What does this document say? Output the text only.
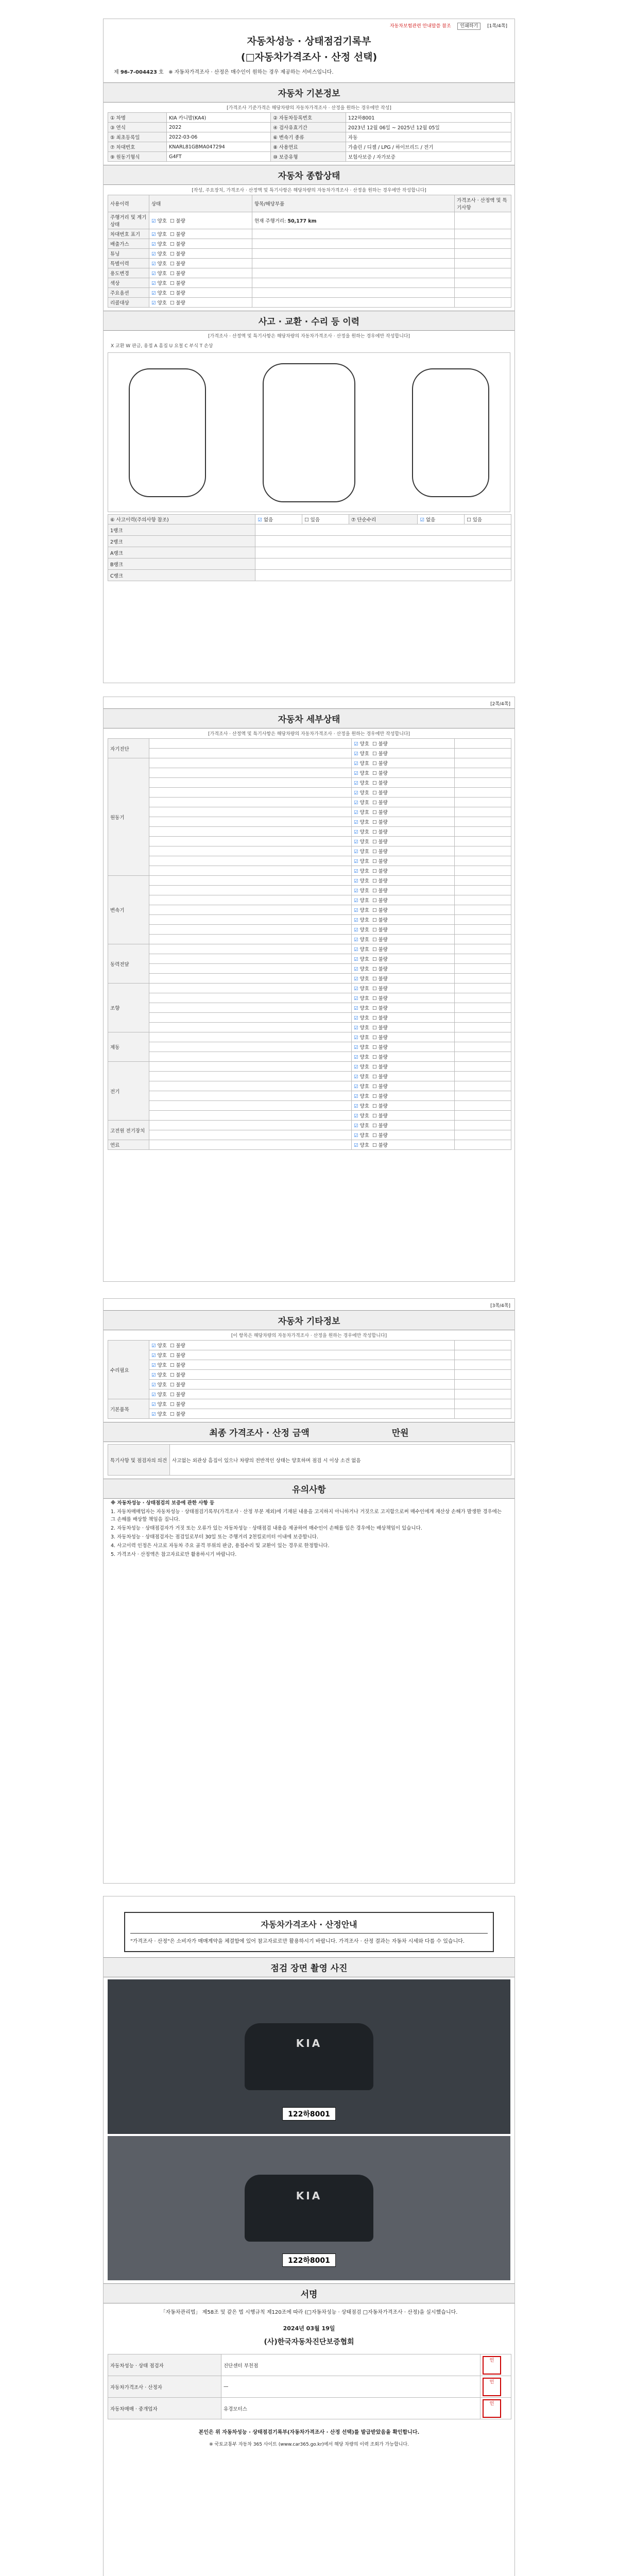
자동차보험관련 안내말씀 참조 인쇄하기 [1쪽/4쪽]
자동차성능 · 상태점검기록부
(□자동차가격조사 · 산정 선택)
제 96-7-004423 호 ※ 자동차가격조사 · 산정은 매수인이 원하는 경우 제공하는 서비스입니다.
자동차 기본정보
[가격조사 기준가격은 해당차량의 자동차가격조사 · 산정을 원하는 경우에만 작성]
① 차명	KIA 카니발(KA4)	② 자동차등록번호	122하8001
③ 연식	2022	④ 검사유효기간	2023년 12월 06일 ~ 2025년 12월 05일
⑤ 최초등록일	2022-03-06	⑥ 변속기 종류	자동
⑦ 차대번호	KNARL81GBMA047294	⑧ 사용연료	가솔린 / 디젤 / LPG / 하이브리드 / 전기
⑨ 원동기형식	G4FT	⑩ 보증유형	보험사보증 / 자가보증
자동차 종합상태
[작성, 주요장치, 가격조사 · 산정액 및 특기사항은 해당차량의 자동차가격조사 · 산정을 원하는 경우에만 작성합니다]
사용이력	상태	항목/해당부품	가격조사 · 산정액 및 특기사항
주행거리 및 계기상태	☑ 양호 ☐ 불량	현재 주행거리: 50,177 km	
차대번호 표기	☑ 양호 ☐ 불량		
배출가스	☑ 양호 ☐ 불량		
튜닝	☑ 양호 ☐ 불량		
특별이력	☑ 양호 ☐ 불량		
용도변경	☑ 양호 ☐ 불량		
색상	☑ 양호 ☐ 불량		
주요옵션	☑ 양호 ☐ 불량		
리콜대상	☑ 양호 ☐ 불량		
사고 · 교환 · 수리 등 이력
[가격조사 · 산정액 및 특기사항은 해당차량의 자동차가격조사 · 산정을 원하는 경우에만 작성합니다]
X 교환 W 판금, 용접 A 흠집 U 요철 C 부식 T 손상
⑥ 사고이력(주의사항 참조)	☑ 없음	☐ 있음	⑦ 단순수리	☑ 없음	☐ 있음
1랭크					
2랭크					
A랭크					
B랭크					
C랭크					
[2쪽/4쪽]
자동차 세부상태
[가격조사 · 산정액 및 특기사항은 해당차량의 자동차가격조사 · 산정을 원하는 경우에만 작성합니다]
자기진단		☑ 양호 ☐ 불량	
		☑ 양호 ☐ 불량	
원동기		☑ 양호 ☐ 불량	
		☑ 양호 ☐ 불량	
		☑ 양호 ☐ 불량	
		☑ 양호 ☐ 불량	
		☑ 양호 ☐ 불량	
		☑ 양호 ☐ 불량	
		☑ 양호 ☐ 불량	
		☑ 양호 ☐ 불량	
		☑ 양호 ☐ 불량	
		☑ 양호 ☐ 불량	
		☑ 양호 ☐ 불량	
		☑ 양호 ☐ 불량	
변속기		☑ 양호 ☐ 불량	
		☑ 양호 ☐ 불량	
		☑ 양호 ☐ 불량	
		☑ 양호 ☐ 불량	
		☑ 양호 ☐ 불량	
		☑ 양호 ☐ 불량	
		☑ 양호 ☐ 불량	
동력전달		☑ 양호 ☐ 불량	
		☑ 양호 ☐ 불량	
		☑ 양호 ☐ 불량	
		☑ 양호 ☐ 불량	
조향		☑ 양호 ☐ 불량	
		☑ 양호 ☐ 불량	
		☑ 양호 ☐ 불량	
		☑ 양호 ☐ 불량	
		☑ 양호 ☐ 불량	
제동		☑ 양호 ☐ 불량	
		☑ 양호 ☐ 불량	
		☑ 양호 ☐ 불량	
전기		☑ 양호 ☐ 불량	
		☑ 양호 ☐ 불량	
		☑ 양호 ☐ 불량	
		☑ 양호 ☐ 불량	
		☑ 양호 ☐ 불량	
		☑ 양호 ☐ 불량	
고전원 전기장치		☑ 양호 ☐ 불량	
		☑ 양호 ☐ 불량	
연료		☑ 양호 ☐ 불량	
[3쪽/4쪽]
자동차 기타정보
[이 항목은 해당차량의 자동차가격조사 · 산정을 원하는 경우에만 작성합니다]
수리필요	☑ 양호 ☐ 불량	
	☑ 양호 ☐ 불량	
	☑ 양호 ☐ 불량	
	☑ 양호 ☐ 불량	
	☑ 양호 ☐ 불량	
	☑ 양호 ☐ 불량	
기본품목	☑ 양호 ☐ 불량	
	☑ 양호 ☐ 불량	
최종 가격조사 · 산정 금액	만원
특기사항 및 점검자의 의견	사고없는 외관상 흠집이 있으나 차량의 전반적인 상태는 양호하며 점검 시 이상 소견 없음
유의사항

※ 자동차성능 · 상태점검의 보증에 관한 사항 등

1. 자동차매매업자는 자동차성능 · 상태점검기록부(가격조사 · 산정 부분 제외)에 기재된 내용을 고지하지 아니하거나 거짓으로 고지함으로써 매수인에게 재산상 손해가 발생한 경우에는 그 손해를 배상할 책임을 집니다.

2. 자동차성능 · 상태점검자가 거짓 또는 오류가 있는 자동차성능 · 상태점검 내용을 제공하여 매수인이 손해를 입은 경우에는 배상책임이 있습니다.

3. 자동차성능 · 상태점검자는 점검일로부터 30일 또는 주행거리 2천킬로미터 이내에 보증합니다.

4. 사고이력 인정은 사고로 자동차 주요 골격 부위의 판금, 용접수리 및 교환이 있는 경우로 한정합니다.

5. 가격조사 · 산정액은 참고자료로만 활용하시기 바랍니다.

자동차가격조사 · 산정안내
"가격조사 · 산정"은 소비자가 매매계약을 체결함에 있어 참고자료로만 활용하시기 바랍니다. 가격조사 · 산정 결과는 자동차 시세와 다를 수 있습니다.
점검 장면 촬영 사진
KIA
122하8001
KIA
122하8001
서명
「자동차관리법」 제58조 및 같은 법 시행규칙 제120조에 따라 (□자동차성능 · 상태점검 □자동차가격조사 · 산정)을 실시했습니다.
2024년 03월 19일
(사)한국자동차진단보증협회
자동차성능 · 상태 점검자	진단센터 부천점	인
자동차가격조사 · 산정자	—	인
자동차매매 · 중개업자	유경모터스	인
본인은 위 자동차성능 · 상태점검기록부(자동차가격조사 · 산정 선택)를 발급받았음을 확인합니다.
※ 국토교통부 자동차 365 사이트 (www.car365.go.kr)에서 해당 차량의 이력 조회가 가능합니다.
